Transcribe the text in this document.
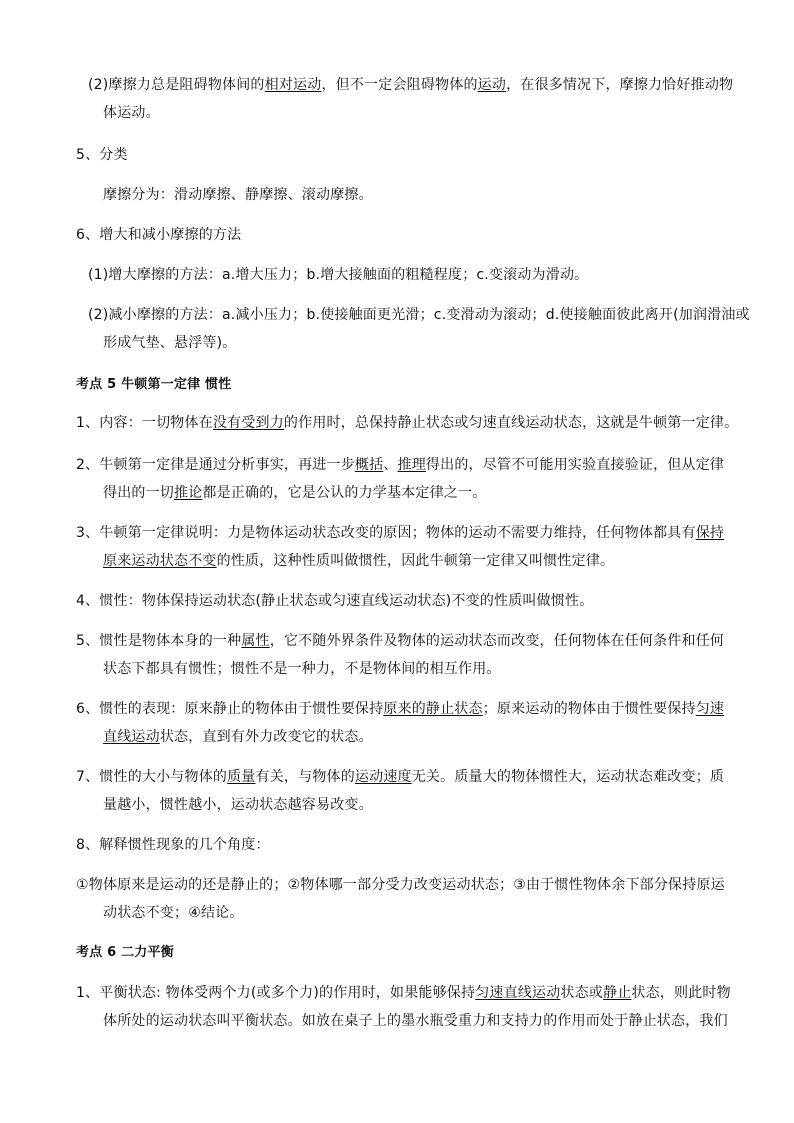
(2)摩擦力总是阻碍物体间的相对运动，但不一定会阻碍物体的运动，在很多情况下，摩擦力恰好推动物
体运动。
5、分类
摩擦分为：滑动摩擦、静摩擦、滚动摩擦。
6、增大和减小摩擦的方法
(1)增大摩擦的方法：a.增大压力；b.增大接触面的粗糙程度；c.变滚动为滑动。
(2)减小摩擦的方法：a.减小压力；b.使接触面更光滑；c.变滑动为滚动；d.使接触面彼此离开(加润滑油或
形成气垫、悬浮等)。
考点 5 牛顿第一定律 惯性
1、内容：一切物体在没有受到力的作用时，总保持静止状态或匀速直线运动状态，这就是牛顿第一定律。
2、牛顿第一定律是通过分析事实，再进一步概括、推理得出的，尽管不可能用实验直接验证，但从定律
得出的一切推论都是正确的，它是公认的力学基本定律之一。
3、牛顿第一定律说明：力是物体运动状态改变的原因；物体的运动不需要力维持，任何物体都具有保持
原来运动状态不变的性质，这种性质叫做惯性，因此牛顿第一定律又叫惯性定律。
4、惯性：物体保持运动状态(静止状态或匀速直线运动状态)不变的性质叫做惯性。
5、惯性是物体本身的一种属性，它不随外界条件及物体的运动状态而改变，任何物体在任何条件和任何
状态下都具有惯性；惯性不是一种力，不是物体间的相互作用。
6、惯性的表现：原来静止的物体由于惯性要保持原来的静止状态；原来运动的物体由于惯性要保持匀速
直线运动状态，直到有外力改变它的状态。
7、惯性的大小与物体的质量有关，与物体的运动速度无关。质量大的物体惯性大，运动状态难改变；质
量越小，惯性越小，运动状态越容易改变。
8、解释惯性现象的几个角度：
①物体原来是运动的还是静止的；②物体哪一部分受力改变运动状态；③由于惯性物体余下部分保持原运
动状态不变；④结论。
考点 6 二力平衡
1、平衡状态: 物体受两个力(或多个力)的作用时，如果能够保持匀速直线运动状态或静止状态，则此时物
体所处的运动状态叫平衡状态。如放在桌子上的墨水瓶受重力和支持力的作用而处于静止状态，我们
